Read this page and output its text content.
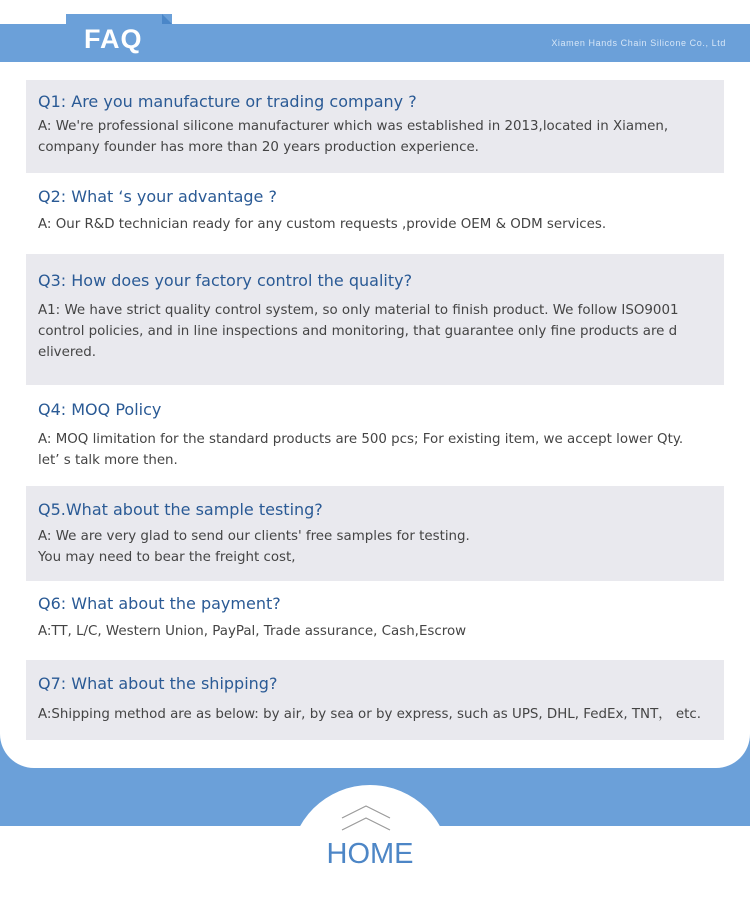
FAQ	Xiamen Hands Chain Silicone Co., Ltd
Q1: Are you manufacture or trading company ?
A: We're professional silicone manufacturer which was established in 2013,located in Xiamen,
company founder has more than 20 years production experience.
Q2: What ‘s your advantage ?
A: Our R&D technician ready for any custom requests ,provide OEM & ODM services.
Q3: How does your factory control the quality?
A1: We have strict quality control system, so only material to finish product. We follow ISO9001
control policies, and in line inspections and monitoring, that guarantee only fine products are d
elivered.
Q4: MOQ Policy
A: MOQ limitation for the standard products are 500 pcs; For existing item, we accept lower Qty.
let’ s talk more then.
Q5.What about the sample testing?
A: We are very glad to send our clients' free samples for testing.
You may need to bear the freight cost,
Q6: What about the payment?
A:TT, L/C, Western Union, PayPal, Trade assurance, Cash,Escrow
Q7: What about the shipping?
A:Shipping method are as below: by air, by sea or by express, such as UPS, DHL, FedEx, TNT， etc.
HOME
